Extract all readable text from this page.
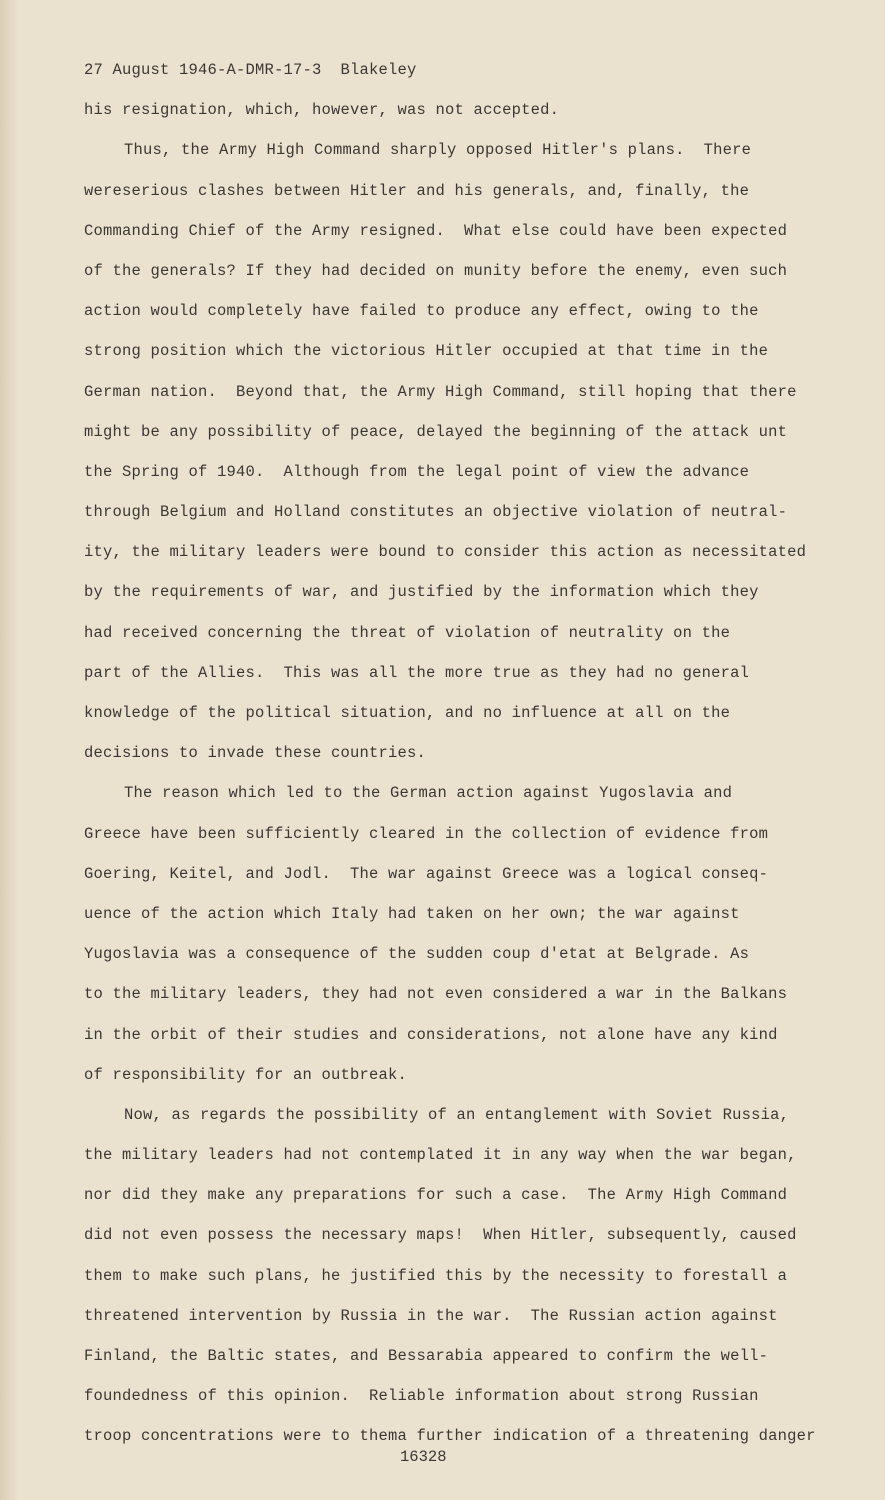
27 August 1946-A-DMR-17-3  Blakeley
his resignation, which, however, was not accepted.
Thus, the Army High Command sharply opposed Hitler's plans.  There
wereserious clashes between Hitler and his generals, and, finally, the
Commanding Chief of the Army resigned.  What else could have been expected
of the generals? If they had decided on munity before the enemy, even such
action would completely have failed to produce any effect, owing to the
strong position which the victorious Hitler occupied at that time in the
German nation.  Beyond that, the Army High Command, still hoping that there
might be any possibility of peace, delayed the beginning of the attack unt
the Spring of 1940.  Although from the legal point of view the advance
through Belgium and Holland constitutes an objective violation of neutral-
ity, the military leaders were bound to consider this action as necessitated
by the requirements of war, and justified by the information which they
had received concerning the threat of violation of neutrality on the
part of the Allies.  This was all the more true as they had no general
knowledge of the political situation, and no influence at all on the
decisions to invade these countries.
The reason which led to the German action against Yugoslavia and
Greece have been sufficiently cleared in the collection of evidence from
Goering, Keitel, and Jodl.  The war against Greece was a logical conseq-
uence of the action which Italy had taken on her own; the war against
Yugoslavia was a consequence of the sudden coup d'etat at Belgrade. As
to the military leaders, they had not even considered a war in the Balkans
in the orbit of their studies and considerations, not alone have any kind
of responsibility for an outbreak.
Now, as regards the possibility of an entanglement with Soviet Russia,
the military leaders had not contemplated it in any way when the war began,
nor did they make any preparations for such a case.  The Army High Command
did not even possess the necessary maps!  When Hitler, subsequently, caused
them to make such plans, he justified this by the necessity to forestall a
threatened intervention by Russia in the war.  The Russian action against
Finland, the Baltic states, and Bessarabia appeared to confirm the well-
foundedness of this opinion.  Reliable information about strong Russian
troop concentrations were to thema further indication of a threatening danger
16328
